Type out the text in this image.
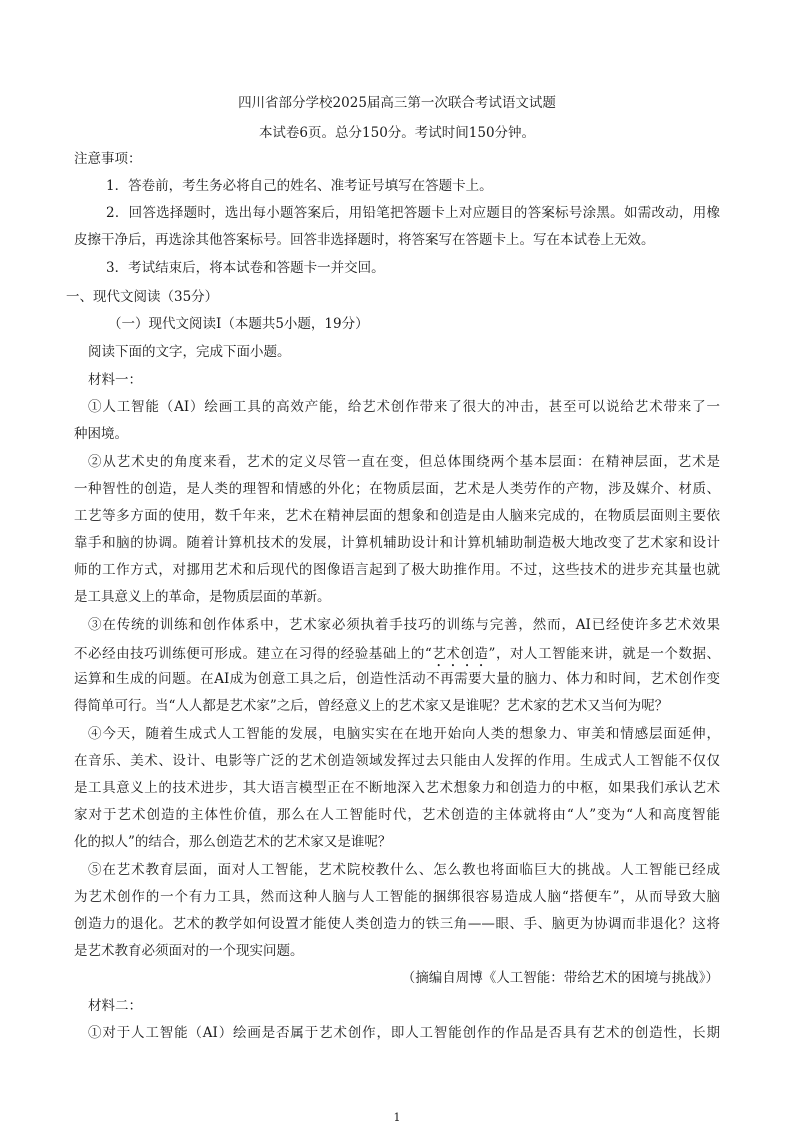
四川省部分学校2025届高三第一次联合考试语文试题
本试卷6页。总分150分。考试时间150分钟。
注意事项：
1．答卷前，考生务必将自己的姓名、准考证号填写在答题卡上。
2．回答选择题时，选出每小题答案后，用铅笔把答题卡上对应题目的答案标号涂黑。如需改动，用橡
皮擦干净后，再选涂其他答案标号。回答非选择题时，将答案写在答题卡上。写在本试卷上无效。
3．考试结束后，将本试卷和答题卡一并交回。
一、现代文阅读（35分）
（一）现代文阅读Ⅰ（本题共5小题，19分）
阅读下面的文字，完成下面小题。
材料一：
①人工智能（AI）绘画工具的高效产能，给艺术创作带来了很大的冲击，甚至可以说给艺术带来了一
种困境。
②从艺术史的角度来看，艺术的定义尽管一直在变，但总体围绕两个基本层面：在精神层面，艺术是
一种智性的创造，是人类的理智和情感的外化；在物质层面，艺术是人类劳作的产物，涉及媒介、材质、
工艺等多方面的使用，数千年来，艺术在精神层面的想象和创造是由人脑来完成的，在物质层面则主要依
靠手和脑的协调。随着计算机技术的发展，计算机辅助设计和计算机辅助制造极大地改变了艺术家和设计
师的工作方式，对挪用艺术和后现代的图像语言起到了极大助推作用。不过，这些技术的进步充其量也就
是工具意义上的革命，是物质层面的革新。
③在传统的训练和创作体系中，艺术家必须执着手技巧的训练与完善，然而，AI已经使许多艺术效果
不必经由技巧训练便可形成。建立在习得的经验基础上的“艺术创造”，对人工智能来讲，就是一个数据、
运算和生成的问题。在AI成为创意工具之后，创造性活动不再需要大量的脑力、体力和时间，艺术创作变
得简单可行。当“人人都是艺术家”之后，曾经意义上的艺术家又是谁呢？艺术家的艺术又当何为呢？
④今天，随着生成式人工智能的发展，电脑实实在在地开始向人类的想象力、审美和情感层面延伸，
在音乐、美术、设计、电影等广泛的艺术创造领域发挥过去只能由人发挥的作用。生成式人工智能不仅仅
是工具意义上的技术进步，其大语言模型正在不断地深入艺术想象力和创造力的中枢，如果我们承认艺术
家对于艺术创造的主体性价值，那么在人工智能时代，艺术创造的主体就将由“人”变为“人和高度智能
化的拟人”的结合，那么创造艺术的艺术家又是谁呢？
⑤在艺术教育层面，面对人工智能，艺术院校教什么、怎么教也将面临巨大的挑战。人工智能已经成
为艺术创作的一个有力工具，然而这种人脑与人工智能的捆绑很容易造成人脑“搭便车”，从而导致大脑
创造力的退化。艺术的教学如何设置才能使人类创造力的铁三角——眼、手、脑更为协调而非退化？这将
是艺术教育必须面对的一个现实问题。
（摘编自周博《人工智能：带给艺术的困境与挑战》）
材料二：
①对于人工智能（AI）绘画是否属于艺术创作，即人工智能创作的作品是否具有艺术的创造性，长期
1
